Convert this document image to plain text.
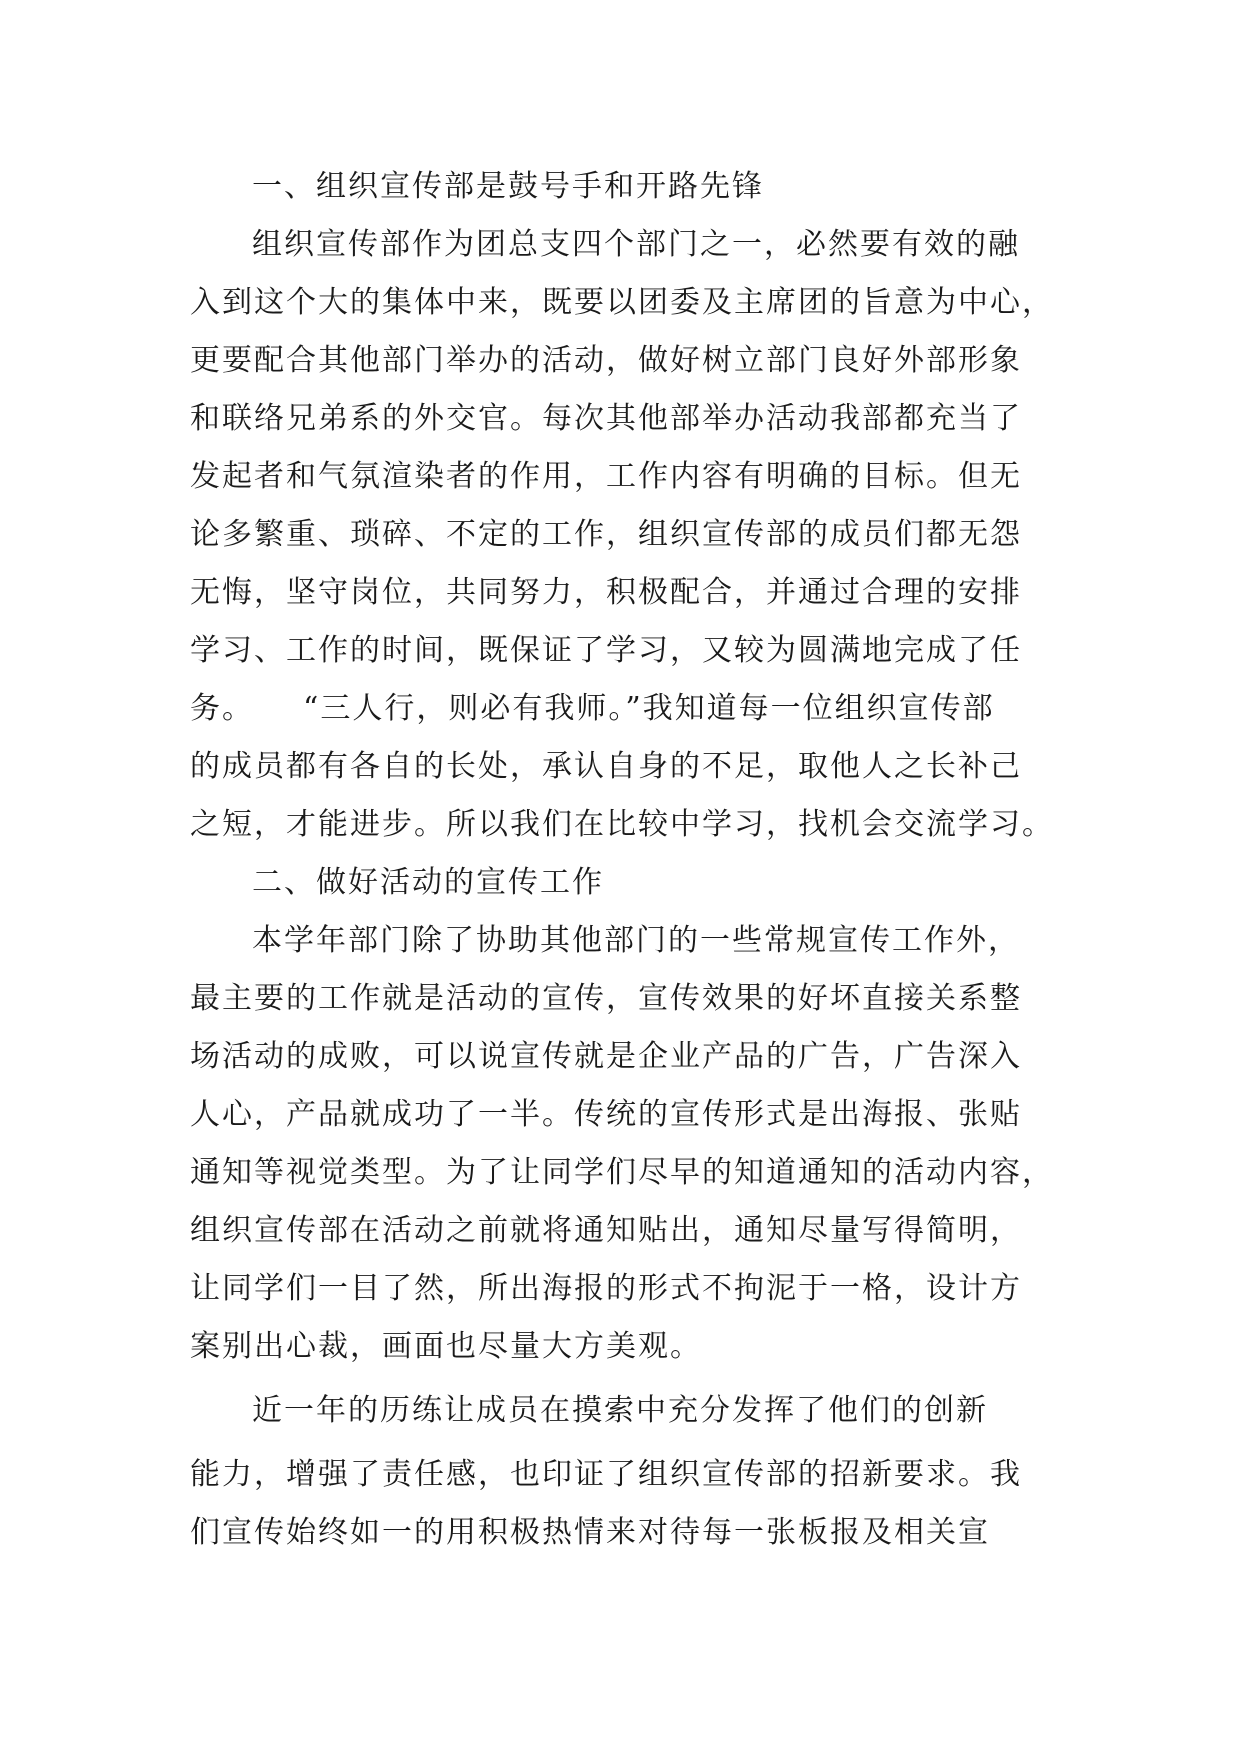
一、组织宣传部是鼓号手和开路先锋
组织宣传部作为团总支四个部门之一，必然要有效的融
入到这个大的集体中来，既要以团委及主席团的旨意为中心，
更要配合其他部门举办的活动，做好树立部门良好外部形象
和联络兄弟系的外交官。每次其他部举办活动我部都充当了
发起者和气氛渲染者的作用，工作内容有明确的目标。但无
论多繁重、琐碎、不定的工作，组织宣传部的成员们都无怨
无悔，坚守岗位，共同努力，积极配合，并通过合理的安排
学习、工作的时间，既保证了学习，又较为圆满地完成了任
务。　　“三人行，则必有我师。”我知道每一位组织宣传部
的成员都有各自的长处，承认自身的不足，取他人之长补己
之短，才能进步。所以我们在比较中学习，找机会交流学习。
二、做好活动的宣传工作
本学年部门除了协助其他部门的一些常规宣传工作外，
最主要的工作就是活动的宣传，宣传效果的好坏直接关系整
场活动的成败，可以说宣传就是企业产品的广告，广告深入
人心，产品就成功了一半。传统的宣传形式是出海报、张贴
通知等视觉类型。为了让同学们尽早的知道通知的活动内容，
组织宣传部在活动之前就将通知贴出，通知尽量写得简明，
让同学们一目了然，所出海报的形式不拘泥于一格，设计方
案别出心裁，画面也尽量大方美观。
近一年的历练让成员在摸索中充分发挥了他们的创新
能力，增强了责任感，也印证了组织宣传部的招新要求。我
们宣传始终如一的用积极热情来对待每一张板报及相关宣
